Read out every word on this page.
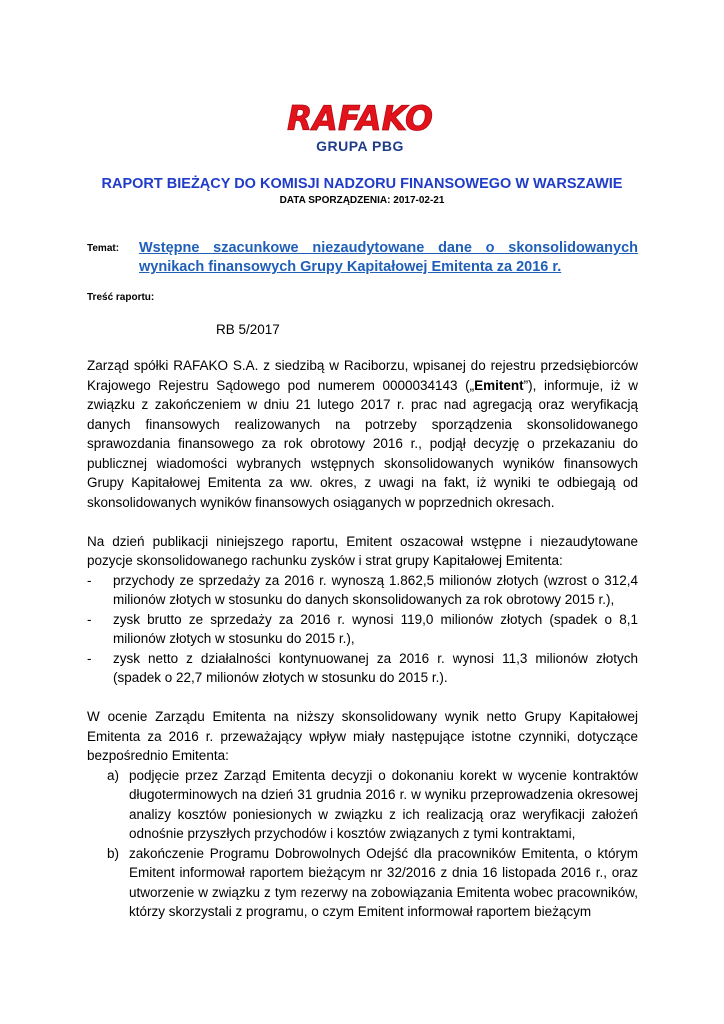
RAFAKO
GRUPA PBG
RAPORT BIEŻĄCY DO KOMISJI NADZORU FINANSOWEGO W WARSZAWIE
DATA SPORZĄDZENIA: 2017-02-21
Temat: Wstępne szacunkowe niezaudytowane dane o skonsolidowanych wynikach finansowych Grupy Kapitałowej Emitenta za 2016 r.
Treść raportu:
RB 5/2017

Zarząd spółki RAFAKO S.A. z siedzibą w Raciborzu, wpisanej do rejestru przedsiębiorców Krajowego Rejestru Sądowego pod numerem 0000034143 („Emitent”), informuje, iż w związku z zakończeniem w dniu 21 lutego 2017 r. prac nad agregacją oraz weryfikacją danych finansowych realizowanych na potrzeby sporządzenia skonsolidowanego sprawozdania finansowego za rok obrotowy 2016 r., podjął decyzję o przekazaniu do publicznej wiadomości wybranych wstępnych skonsolidowanych wyników finansowych Grupy Kapitałowej Emitenta za ww. okres, z uwagi na fakt, iż wyniki te odbiegają od skonsolidowanych wyników finansowych osiąganych w poprzednich okresach.

Na dzień publikacji niniejszego raportu, Emitent oszacował wstępne i niezaudytowane pozycje skonsolidowanego rachunku zysków i strat grupy Kapitałowej Emitenta:

- przychody ze sprzedaży za 2016 r. wynoszą 1.862,5 milionów złotych (wzrost o 312,4 milionów złotych w stosunku do danych skonsolidowanych za rok obrotowy 2015 r.),
- zysk brutto ze sprzedaży za 2016 r. wynosi 119,0 milionów złotych (spadek o 8,1 milionów złotych w stosunku do 2015 r.),
- zysk netto z działalności kontynuowanej za 2016 r. wynosi 11,3 milionów złotych (spadek o 22,7 milionów złotych w stosunku do 2015 r.).

W ocenie Zarządu Emitenta na niższy skonsolidowany wynik netto Grupy Kapitałowej Emitenta za 2016 r. przeważający wpływ miały następujące istotne czynniki, dotyczące bezpośrednio Emitenta:

a) podjęcie przez Zarząd Emitenta decyzji o dokonaniu korekt w wycenie kontraktów długoterminowych na dzień 31 grudnia 2016 r. w wyniku przeprowadzenia okresowej analizy kosztów poniesionych w związku z ich realizacją oraz weryfikacji założeń odnośnie przyszłych przychodów i kosztów związanych z tymi kontraktami,
b) zakończenie Programu Dobrowolnych Odejść dla pracowników Emitenta, o którym Emitent informował raportem bieżącym nr 32/2016 z dnia 16 listopada 2016 r., oraz utworzenie w związku z tym rezerwy na zobowiązania Emitenta wobec pracowników, którzy skorzystali z programu, o czym Emitent informował raportem bieżącym
